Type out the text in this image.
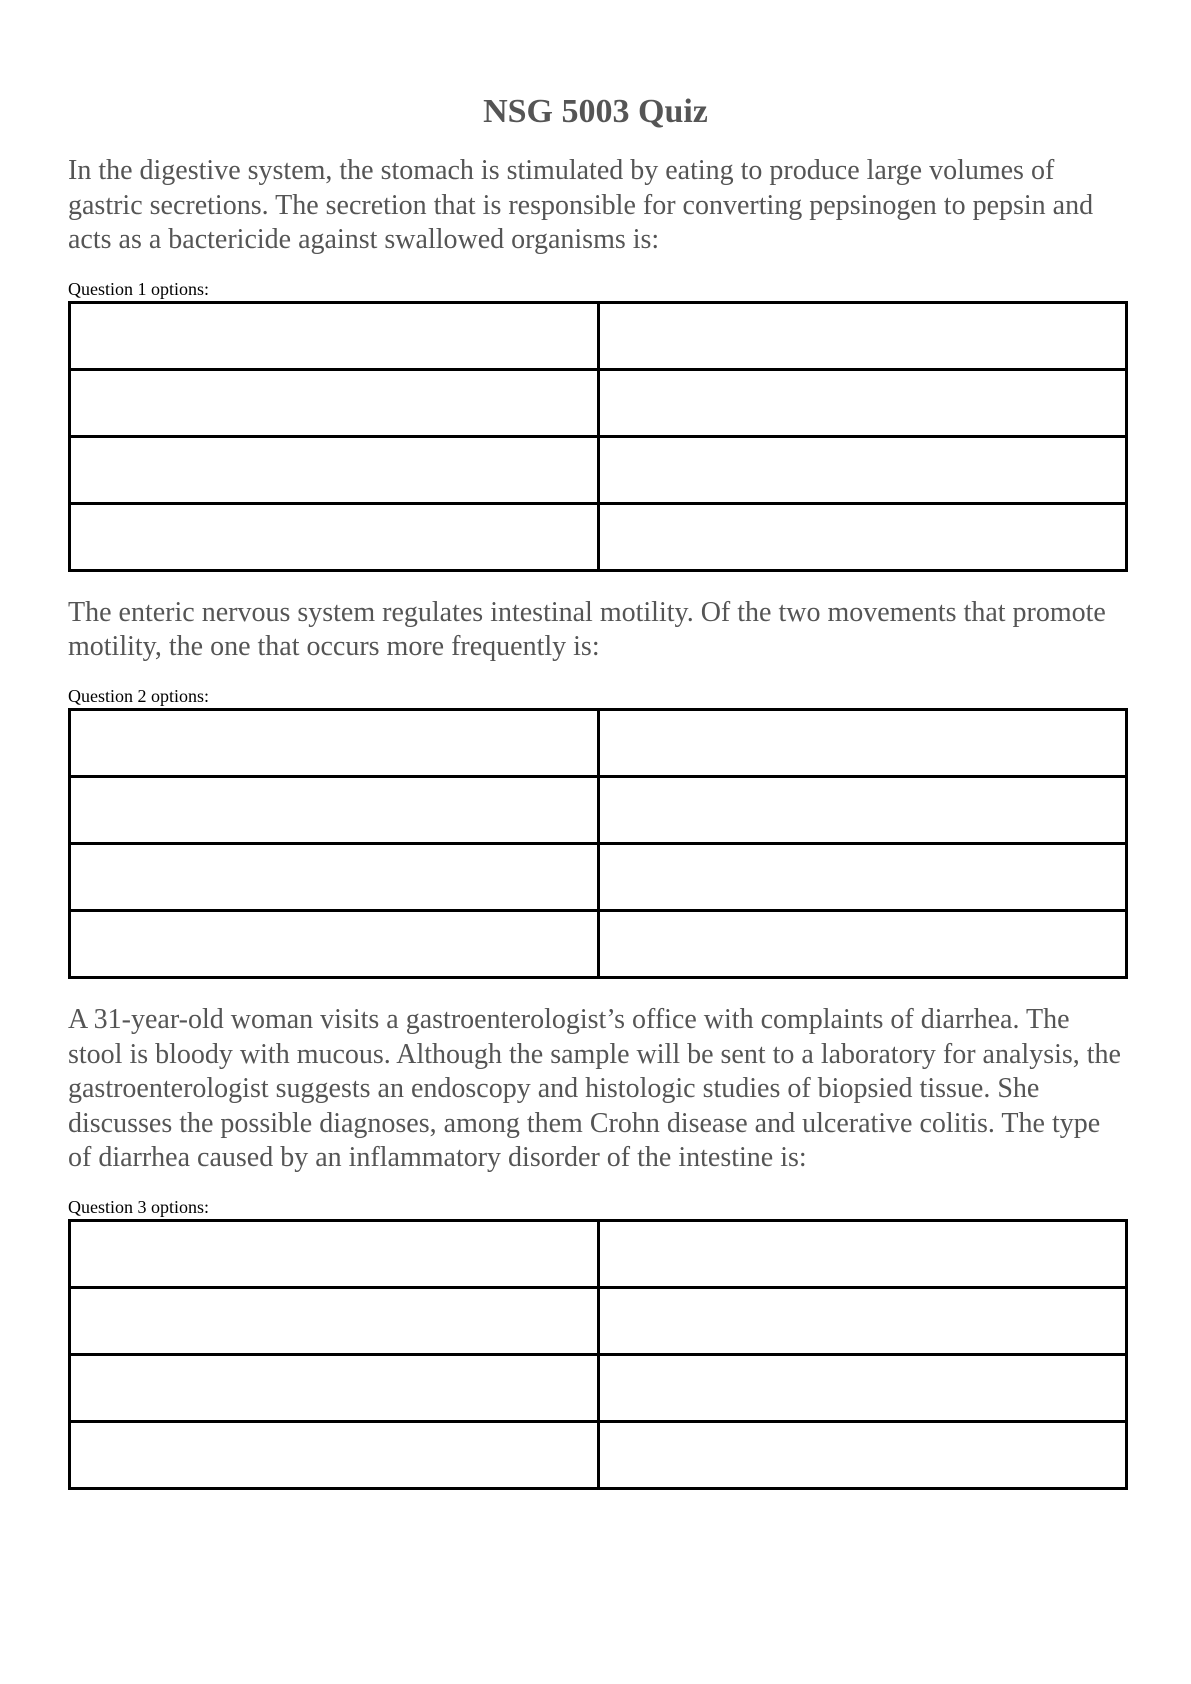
NSG 5003 Quiz

In the digestive system, the stomach is stimulated by eating to produce large volumes of gastric secretions. The secretion that is responsible for converting pepsinogen to pepsin and acts as a bactericide against swallowed organisms is:

Question 1 options:

The enteric nervous system regulates intestinal motility. Of the two movements that promote motility, the one that occurs more frequently is:

Question 2 options:

A 31-year-old woman visits a gastroenterologist’s office with complaints of diarrhea. The stool is bloody with mucous. Although the sample will be sent to a laboratory for analysis, the gastroenterologist suggests an endoscopy and histologic studies of biopsied tissue. She discusses the possible diagnoses, among them Crohn disease and ulcerative colitis. The type of diarrhea caused by an inflammatory disorder of the intestine is:

Question 3 options:
